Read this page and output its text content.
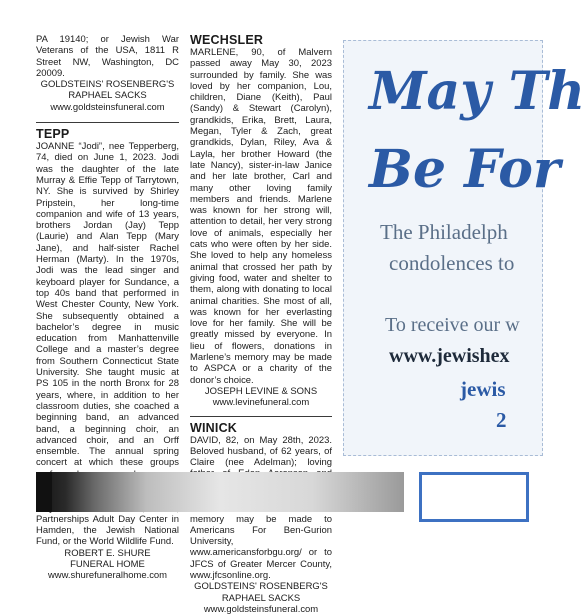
PA 19140; or Jewish War Veterans of the USA, 1811 R Street NW, Washington, DC 20009.

GOLDSTEINS' ROSENBERG'S
RAPHAEL SACKS
www.goldsteinsfuneral.com
TEPP

JOANNE “Jodi”, nee Tepperberg, 74, died on June 1, 2023. Jodi was the daughter of the late Murray & Effie Tepp of Tarrytown, NY. She is survived by Shirley Pripstein, her long-time companion and wife of 13 years, brothers Jordan (Jay) Tepp (Laurie) and Alan Tepp (Mary Jane), and half-sister Rachel Herman (Marty). In the 1970s, Jodi was the lead singer and keyboard player for Sundance, a top 40s band that performed in West Chester County, New York. She subsequently obtained a bachelor’s degree in music education from Manhattenville College and a master’s degree from Southern Connecticut State University. She taught music at PS 105 in the north Bronx for 28 years, where, in addition to her classroom duties, she coached a beginning band, an advanced band, a beginning choir, an advanced choir, and an Orff ensemble. The annual spring concert at which these groups Partnerships Adult Day Center in Hamden, the Jewish National Fund, or the World Wildlife Fund.

ROBERT E. SHURE
FUNERAL HOME
www.shurefuneralhome.com
WECHSLER

MARLENE, 90, of Malvern passed away May 30, 2023 surrounded by family. She was loved by her companion, Lou, children, Diane (Keith), Paul (Sandy) & Stewart (Carolyn), grandkids, Erika, Brett, Laura, Megan, Tyler & Zach, great grandkids, Dylan, Riley, Ava & Layla, her brother Howard (the late Nancy), sister-in-law Janice and her late brother, Carl and many other loving family members and friends. Marlene was known for her strong will, attention to detail, her very strong love of animals, especially her cats who were often by her side. She loved to help any homeless animal that crossed her path by giving food, water and shelter to them, along with donating to local animal charities. She most of all, was known for her everlasting love for her family. She will be greatly missed by everyone. In lieu of flowers, donations in Marlene’s memory may be made to ASPCA or a charity of the donor’s choice.

JOSEPH LEVINE & SONS
www.levinefuneral.com
WINICK

DAVID, 82, on May 28th, 2023. Beloved husband, of 62 years, of Claire (nee Adelman); loving memory may be made to Americans For Ben-Gurion University, www.americansforbgu.org/ or to JFCS of Greater Mercer County, www.jfcsonline.org.

GOLDSTEINS' ROSENBERG'S
RAPHAEL SACKS
www.goldsteinsfuneral.com
May Th
Be For
The Philadelph
condolences to
To receive our w
www.jewishex
jewis
2
